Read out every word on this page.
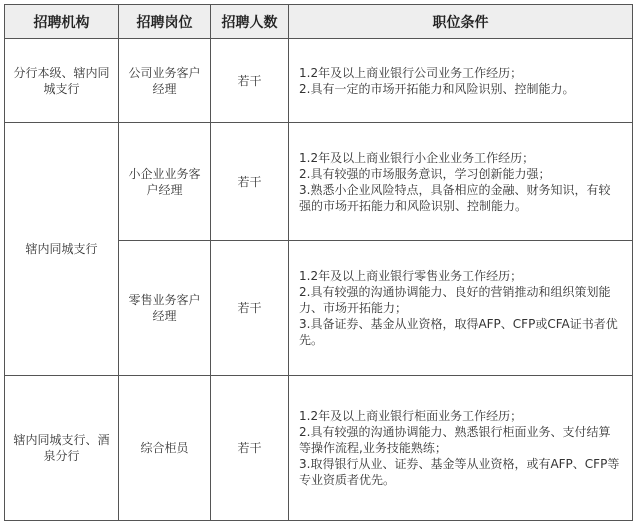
招聘机构	招聘岗位	招聘人数	职位条件
分行本级、辖内同城支行	公司业务客户经理	若干	1.2年及以上商业银行公司业务工作经历；
2.具有一定的市场开拓能力和风险识别、控制能力。

辖内同城支行	小企业业务客户经理	若干	1.2年及以上商业银行小企业业务工作经历；
2.具有较强的市场服务意识，学习创新能力强；
3.熟悉小企业风险特点，具备相应的金融、财务知识，有较强的市场开拓能力和风险识别、控制能力。

	零售业务客户经理	若干	1.2年及以上商业银行零售业务工作经历；
2.具有较强的沟通协调能力、良好的营销推动和组织策划能力、市场开拓能力；
3.具备证券、基金从业资格，取得AFP、CFP或CFA证书者优先。

辖内同城支行、酒泉分行	综合柜员	若干	1.2年及以上商业银行柜面业务工作经历；
2.具有较强的沟通协调能力、熟悉银行柜面业务、支付结算等操作流程,业务技能熟练；
3.取得银行从业、证券、基金等从业资格，或有AFP、CFP等专业资质者优先。
